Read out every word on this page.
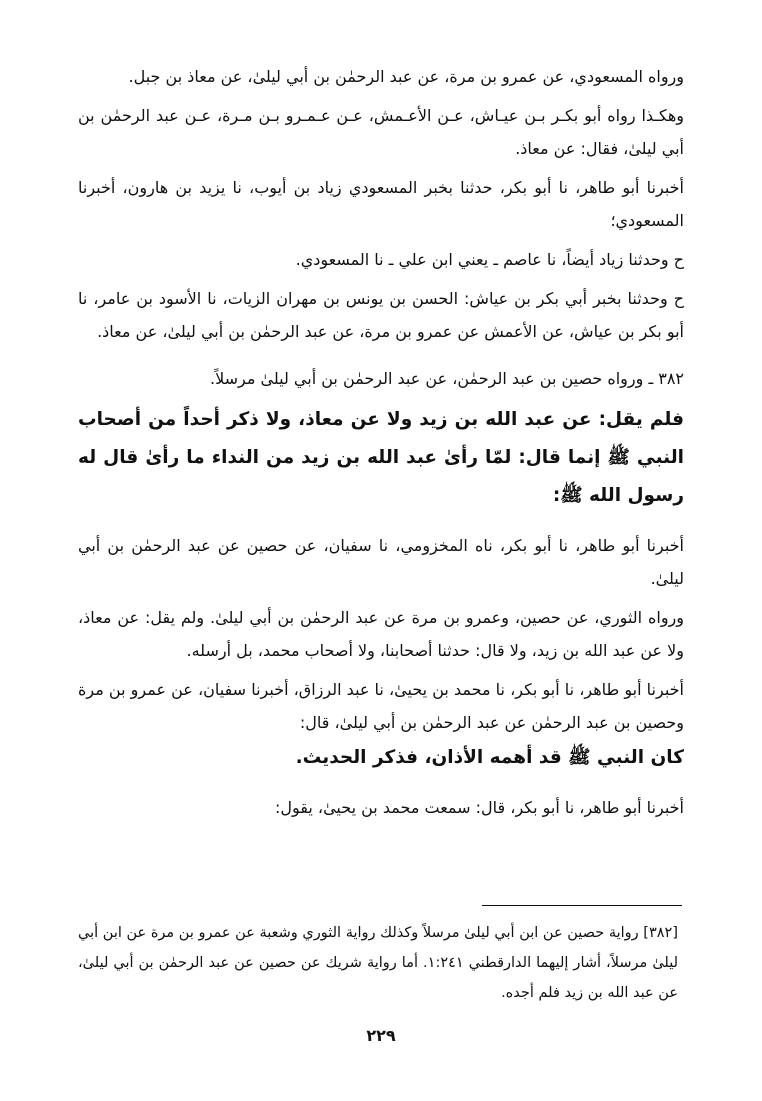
ورواه المسعودي، عن عمرو بن مرة، عن عبد الرحمٰن بن أبي ليلىٰ، عن معاذ بن جبل.

وهكـذا رواه أبو بكـر بـن عيـاش، عـن الأعـمش، عـن عـمـرو بـن مـرة، عـن عبد الرحمٰن بن أبي ليلىٰ، فقال: عن معاذ.

أخبرنا أبو طاهر، نا أبو بكر، حدثنا بخبر المسعودي زياد بن أيوب، نا يزيد بن هارون، أخبرنا المسعودي؛

ح وحدثنا زياد أيضاً، نا عاصم ـ يعني ابن علي ـ نا المسعودي.

ح وحدثنا بخبر أبي بكر بن عياش: الحسن بن يونس بن مهران الزيات، نا الأسود بن عامر، نا أبو بكر بن عياش، عن الأعمش عن عمرو بن مرة، عن عبد الرحمٰن بن أبي ليلىٰ، عن معاذ.

٣٨٢ ـ ورواه حصين بن عبد الرحمٰن، عن عبد الرحمٰن بن أبي ليلىٰ مرسلاً.

فلم يقل: عن عبد الله بن زيد ولا عن معاذ، ولا ذكر أحداً من أصحاب النبي ﷺ إنما قال: لمّا رأىٰ عبد الله بن زيد من النداء ما رأىٰ قال له رسول الله ﷺ:

أخبرنا أبو طاهر، نا أبو بكر، ناه المخزومي، نا سفيان، عن حصين عن عبد الرحمٰن بن أبي ليلىٰ.

ورواه الثوري، عن حصين، وعمرو بن مرة عن عبد الرحمٰن بن أبي ليلىٰ. ولم يقل: عن معاذ، ولا عن عبد الله بن زيد، ولا قال: حدثنا أصحابنا، ولا أصحاب محمد، بل أرسله.

أخبرنا أبو طاهر، نا أبو بكر، نا محمد بن يحيىٰ، نا عبد الرزاق، أخبرنا سفيان، عن عمرو بن مرة وحصين بن عبد الرحمٰن عن عبد الرحمٰن بن أبي ليلىٰ، قال:

كان النبي ﷺ قد أهمه الأذان، فذكر الحديث.

أخبرنا أبو طاهر، نا أبو بكر، قال: سمعت محمد بن يحيىٰ، يقول:

[٣٨٢] رواية حصين عن ابن أبي ليلىٰ مرسلاً وكذلك رواية الثوري وشعبة عن عمرو بن مرة عن ابن أبي ليلىٰ مرسلاً، أشار إليهما الدارقطني ١:٢٤١. أما رواية شريك عن حصين عن عبد الرحمٰن بن أبي ليلىٰ، عن عبد الله بن زيد فلم أجده.

٢٢٩
